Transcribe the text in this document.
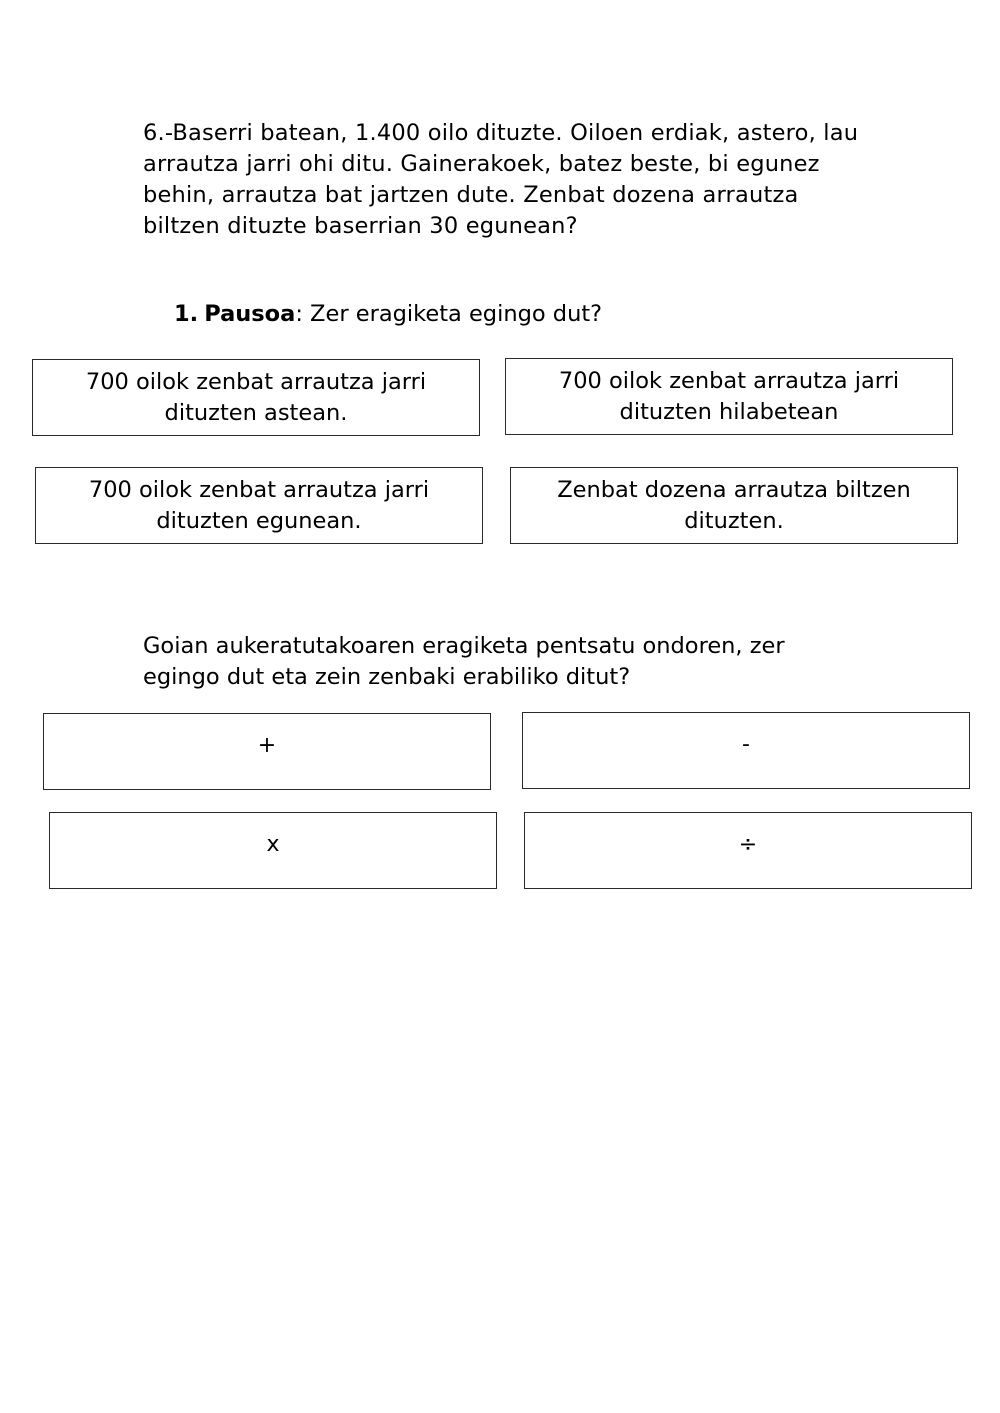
6.-Baserri batean, 1.400 oilo dituzte. Oiloen erdiak, astero, lau arrautza jarri ohi ditu. Gainerakoek, batez beste, bi egunez behin, arrautza bat jartzen dute. Zenbat dozena arrautza biltzen dituzte baserrian 30 egunean?
1. Pausoa: Zer eragiketa egingo dut?
700 oilok zenbat arrautza jarri
dituzten astean.
700 oilok zenbat arrautza jarri
dituzten hilabetean
700 oilok zenbat arrautza jarri
dituzten egunean.
Zenbat dozena arrautza biltzen
dituzten.
Goian aukeratutakoaren eragiketa pentsatu ondoren, zer egingo dut eta zein zenbaki erabiliko ditut?
+	-
x	÷
